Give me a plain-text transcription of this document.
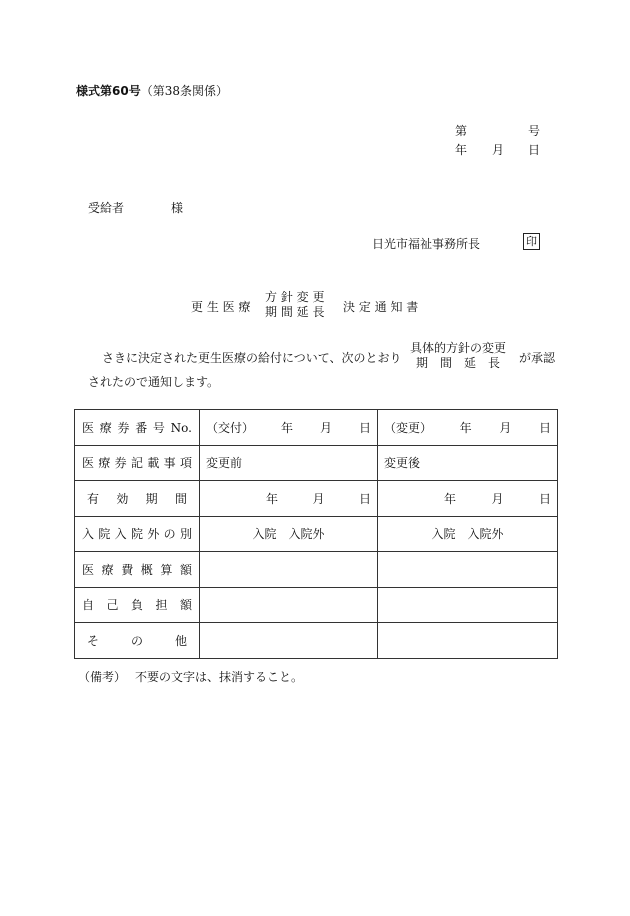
様式第60号（第38条関係）
第	号
年 月 日
受給者	様
日光市福祉事務所長	印
更 生 医 療
方 針 変 更
期 間 延 長 決 定 通 知 書
さきに決定された更生医療の給付について、次のとおり
具体的方針の変更
期　間　延　長	が承認
されたので通知します。
医療券番号No.	（交付） 年 月 日	（変更） 年 月 日

医療券記載事項	変更前	変更後
有効期間	年 月 日	年 月 日

入院入院外の別	入院　入院外	入院　入院外
医療費概算額		
自己負担額		
その他		
（備考） 不要の文字は、抹消すること。
